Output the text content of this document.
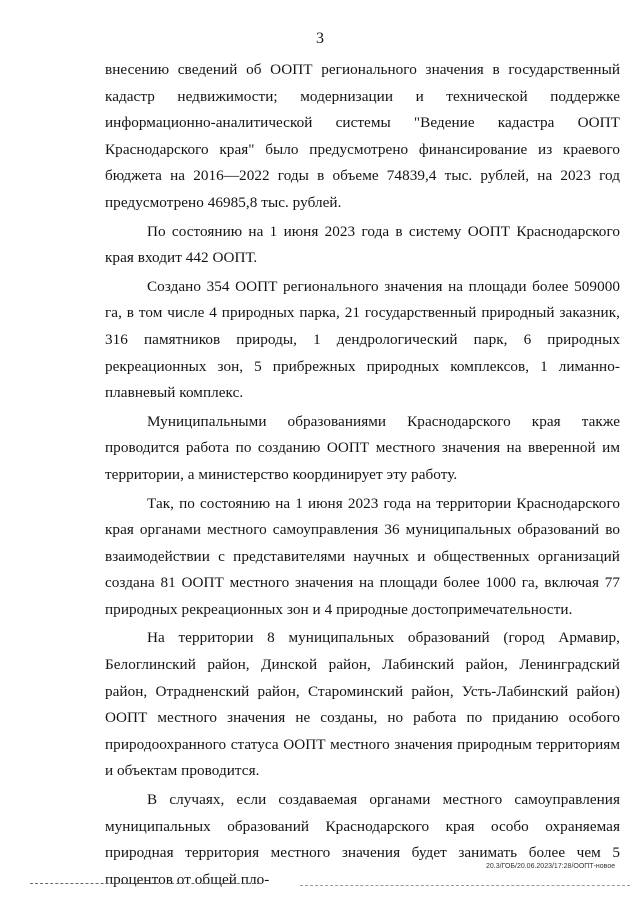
3

внесению сведений об ООПТ регионального значения в государственный кадастр недвижимости; модернизации и технической поддержке информационно-аналитической системы "Ведение кадастра ООПТ Краснодарского края" было предусмотрено финансирование из краевого бюджета на 2016—2022 годы в объеме 74839,4 тыс. рублей, на 2023 год предусмотрено 46985,8 тыс. рублей.

По состоянию на 1 июня 2023 года в систему ООПТ Краснодарского края входит 442 ООПТ.

Создано 354 ООПТ регионального значения на площади более 509000 га, в том числе 4 природных парка, 21 государственный природный заказник, 316 памятников природы, 1 дендрологический парк, 6 природных рекреационных зон, 5 прибрежных природных комплексов, 1 лиманно-плавневый комплекс.

Муниципальными образованиями Краснодарского края также проводится работа по созданию ООПТ местного значения на вверенной им территории, а министерство координирует эту работу.

Так, по состоянию на 1 июня 2023 года на территории Краснодарского края органами местного самоуправления 36 муниципальных образований во взаимодействии с представителями научных и общественных организаций создана 81 ООПТ местного значения на площади более 1000 га, включая 77 природных рекреационных зон и 4 природные достопримечательности.

На территории 8 муниципальных образований (город Армавир, Белоглинский район, Динской район, Лабинский район, Ленинградский район, Отрадненский район, Староминский район, Усть-Лабинский район) ООПТ местного значения не созданы, но работа по приданию особого природоохранного статуса ООПТ местного значения природным территориям и объектам проводится.

В случаях, если создаваемая органами местного самоуправления муниципальных образований Краснодарского края особо охраняемая природная территория местного значения будет занимать более чем 5 процентов от общей пло-

20.3/ГОБ/20.06.2023/17:28/ООПТ-новое
